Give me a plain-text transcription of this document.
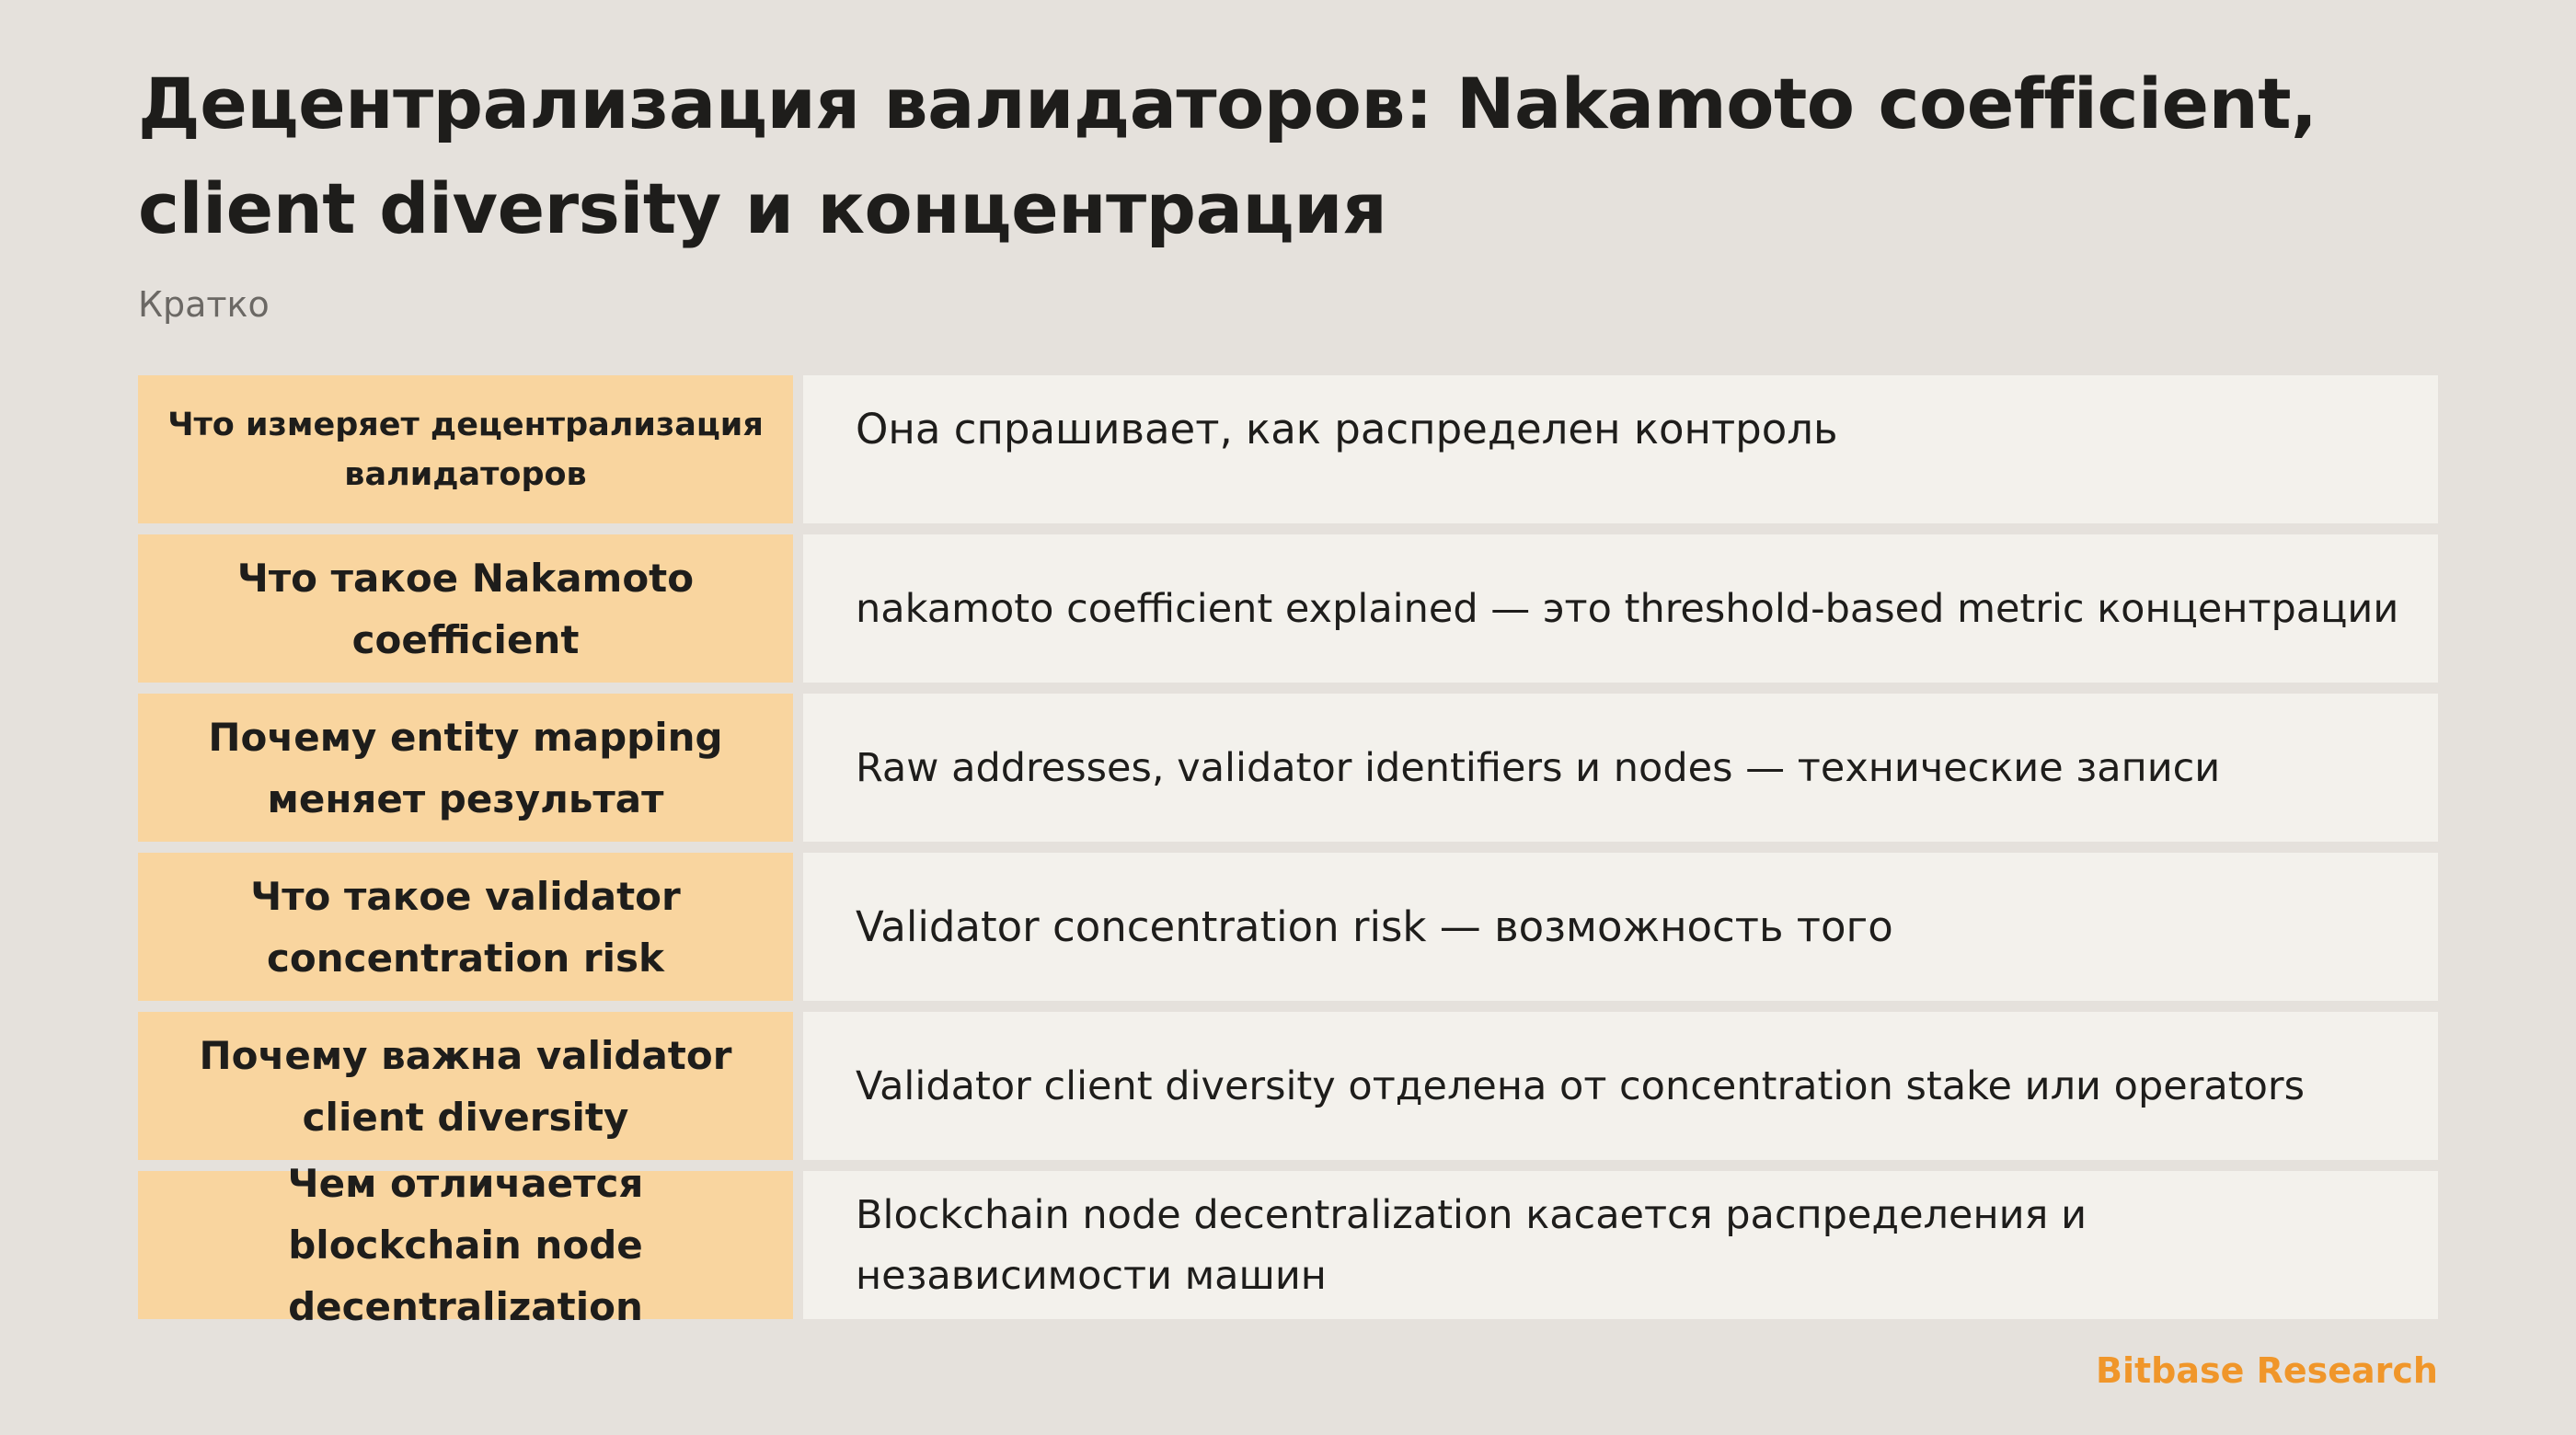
Децентрализация валидаторов: Nakamoto coefficient, client diversity и концентрация
Кратко
Что измеряет децентрализация валидаторов
Она спрашивает, как распределен контроль
Что такое Nakamoto coefficient
nakamoto coefficient explained — это threshold-based metric концентрации
Почему entity mapping меняет результат
Raw addresses, validator identifiers и nodes — технические записи
Что такое validator concentration risk
Validator concentration risk — возможность того
Почему важна validator client diversity
Validator client diversity отделена от concentration stake или operators
Чем отличается blockchain node decentralization
Blockchain node decentralization касается распределения и независимости машин
Bitbase Research
